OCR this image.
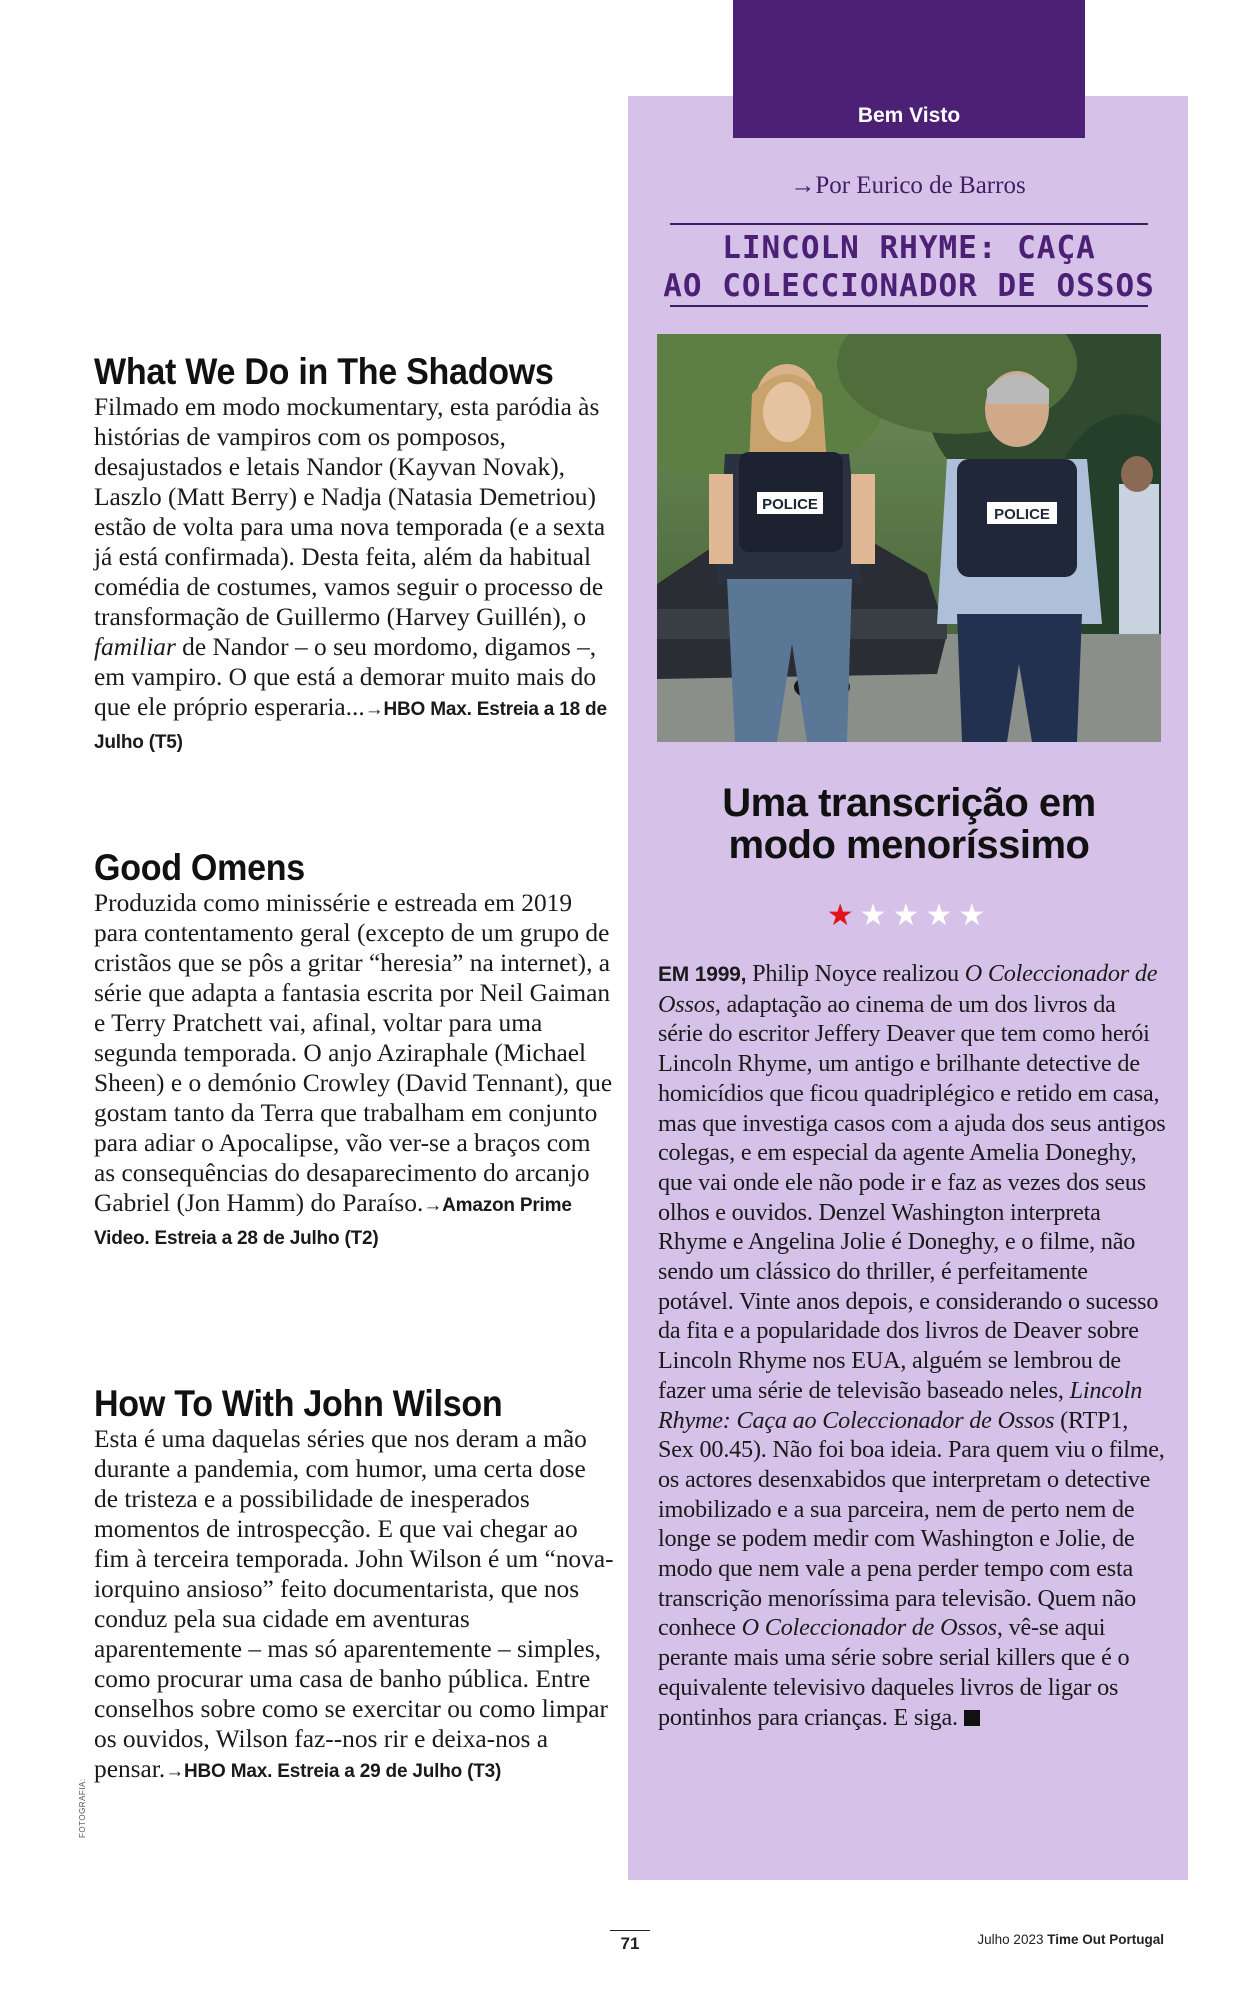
What We Do in The Shadows

Filmado em modo mockumentary, esta paródia às histórias de vampiros com os pomposos, desajustados e letais Nandor (Kayvan Novak), Laszlo (Matt Berry) e Nadja (Natasia Demetriou) estão de volta para uma nova temporada (e a sexta já está confirmada). Desta feita, além da habitual comédia de costumes, vamos seguir o processo de transformação de Guillermo (Harvey Guillén), o familiar de Nandor – o seu mordomo, digamos –, em vampiro. O que está a demorar muito mais do que ele próprio esperaria...→HBO Max. Estreia a 18 de Julho (T5)

Good Omens

Produzida como minissérie e estreada em 2019 para contentamento geral (excepto de um grupo de cristãos que se pôs a gritar “heresia” na internet), a série que adapta a fantasia escrita por Neil Gaiman e Terry Pratchett vai, afinal, voltar para uma segunda temporada. O anjo Aziraphale (Michael Sheen) e o demónio Crowley (David Tennant), que gostam tanto da Terra que trabalham em conjunto para adiar o Apocalipse, vão ver-se a braços com as consequências do desaparecimento do arcanjo Gabriel (Jon Hamm) do Paraíso.→Amazon Prime Video. Estreia a 28 de Julho (T2)

How To With John Wilson

Esta é uma daquelas séries que nos deram a mão durante a pandemia, com humor, uma certa dose de tristeza e a possibilidade de inesperados momentos de introspecção. E que vai chegar ao fim à terceira temporada. John Wilson é um “nova-iorquino ansioso” feito documentarista, que nos conduz pela sua cidade em aventuras aparentemente – mas só aparentemente – simples, como procurar uma casa de banho pública. Entre conselhos sobre como se exercitar ou como limpar os ouvidos, Wilson faz--nos rir e deixa-nos a pensar.→HBO Max. Estreia a 29 de Julho (T3)

FOTOGRAFIA:
Bem Visto
→Por Eurico de Barros
LINCOLN RHYME: CAÇA
AO COLECCIONADOR DE OSSOS
POLICE
POLICE
Uma transcrição em
modo menoríssimo
★★★★★

EM 1999, Philip Noyce realizou O Coleccionador de Ossos, adaptação ao cinema de um dos livros da série do escritor Jeffery Deaver que tem como herói Lincoln Rhyme, um antigo e brilhante detective de homicídios que ficou quadriplégico e retido em casa, mas que investiga casos com a ajuda dos seus antigos colegas, e em especial da agente Amelia Doneghy, que vai onde ele não pode ir e faz as vezes dos seus olhos e ouvidos. Denzel Washington interpreta Rhyme e Angelina Jolie é Doneghy, e o filme, não sendo um clássico do thriller, é perfeitamente potável. Vinte anos depois, e considerando o sucesso da fita e a popularidade dos livros de Deaver sobre Lincoln Rhyme nos EUA, alguém se lembrou de fazer uma série de televisão baseado neles, Lincoln Rhyme: Caça ao Coleccionador de Ossos (RTP1, Sex 00.45). Não foi boa ideia. Para quem viu o filme, os actores desenxabidos que interpretam o detective imobilizado e a sua parceira, nem de perto nem de longe se podem medir com Washington e Jolie, de modo que nem vale a pena perder tempo com esta transcrição menoríssima para televisão. Quem não conhece O Coleccionador de Ossos, vê-se aqui perante mais uma série sobre serial killers que é o equivalente televisivo daqueles livros de ligar os pontinhos para crianças. E siga.

71	Julho 2023 Time Out Portugal
